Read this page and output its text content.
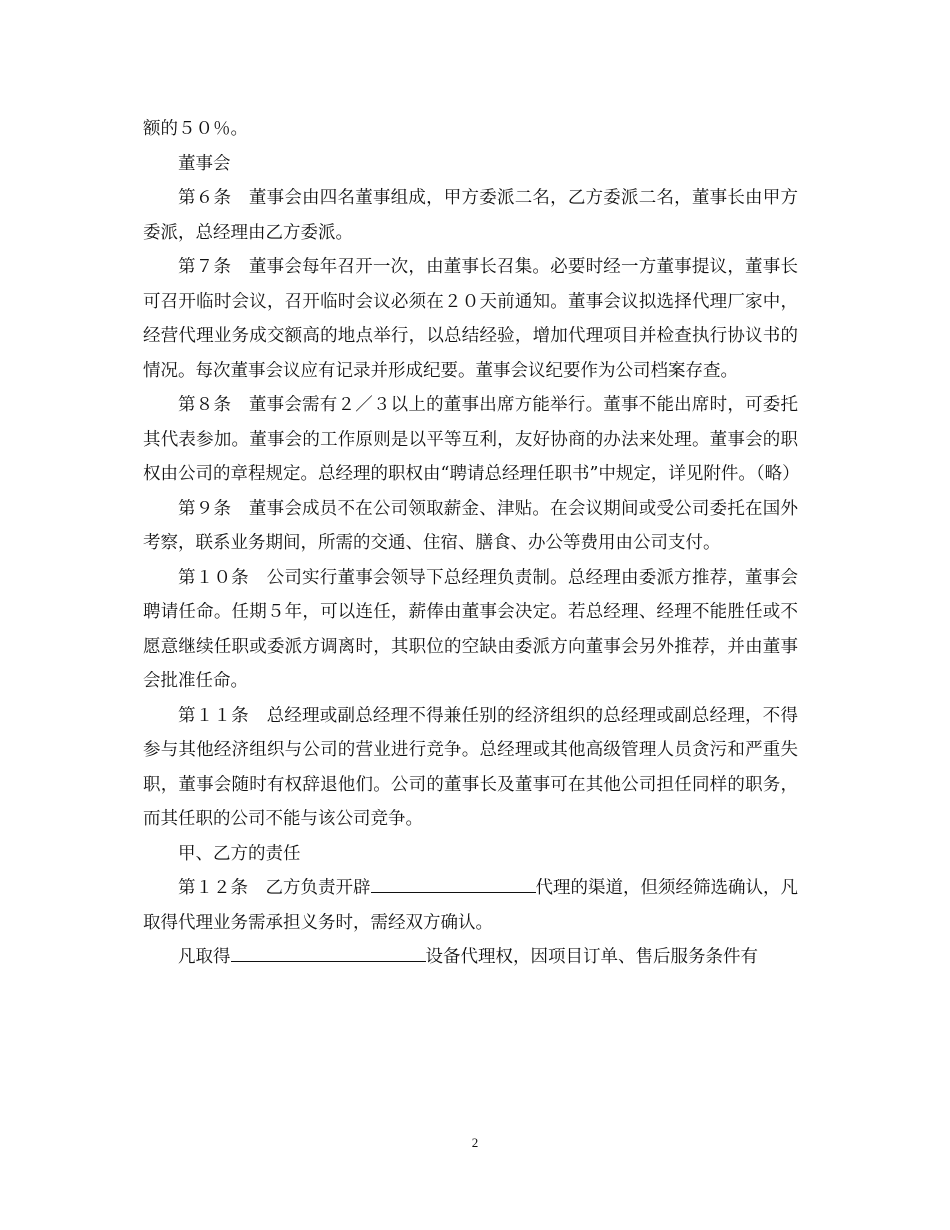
额的５０％。

董事会

第６条　董事会由四名董事组成，甲方委派二名，乙方委派二名，董事长由甲方委派，总经理由乙方委派。

第７条　董事会每年召开一次，由董事长召集。必要时经一方董事提议，董事长可召开临时会议，召开临时会议必须在２０天前通知。董事会议拟选择代理厂家中，经营代理业务成交额高的地点举行，以总结经验，增加代理项目并检查执行协议书的情况。每次董事会议应有记录并形成纪要。董事会议纪要作为公司档案存查。

第８条　董事会需有２／３以上的董事出席方能举行。董事不能出席时，可委托其代表参加。董事会的工作原则是以平等互利，友好协商的办法来处理。董事会的职权由公司的章程规定。总经理的职权由“聘请总经理任职书”中规定，详见附件。（略）

第９条　董事会成员不在公司领取薪金、津贴。在会议期间或受公司委托在国外考察，联系业务期间，所需的交通、住宿、膳食、办公等费用由公司支付。

第１０条　公司实行董事会领导下总经理负责制。总经理由委派方推荐，董事会聘请任命。任期５年，可以连任，薪俸由董事会决定。若总经理、经理不能胜任或不愿意继续任职或委派方调离时，其职位的空缺由委派方向董事会另外推荐，并由董事会批准任命。

第１１条　总经理或副总经理不得兼任别的经济组织的总经理或副总经理，不得参与其他经济组织与公司的营业进行竞争。总经理或其他高级管理人员贪污和严重失职，董事会随时有权辞退他们。公司的董事长及董事可在其他公司担任同样的职务，而其任职的公司不能与该公司竞争。

甲、乙方的责任

第１２条　乙方负责开辟	代理的渠道，但须经筛选确认，凡取得代理业务需承担义务时，需经双方确认。

凡取得	设备代理权，因项目订单、售后服务条件有

2
